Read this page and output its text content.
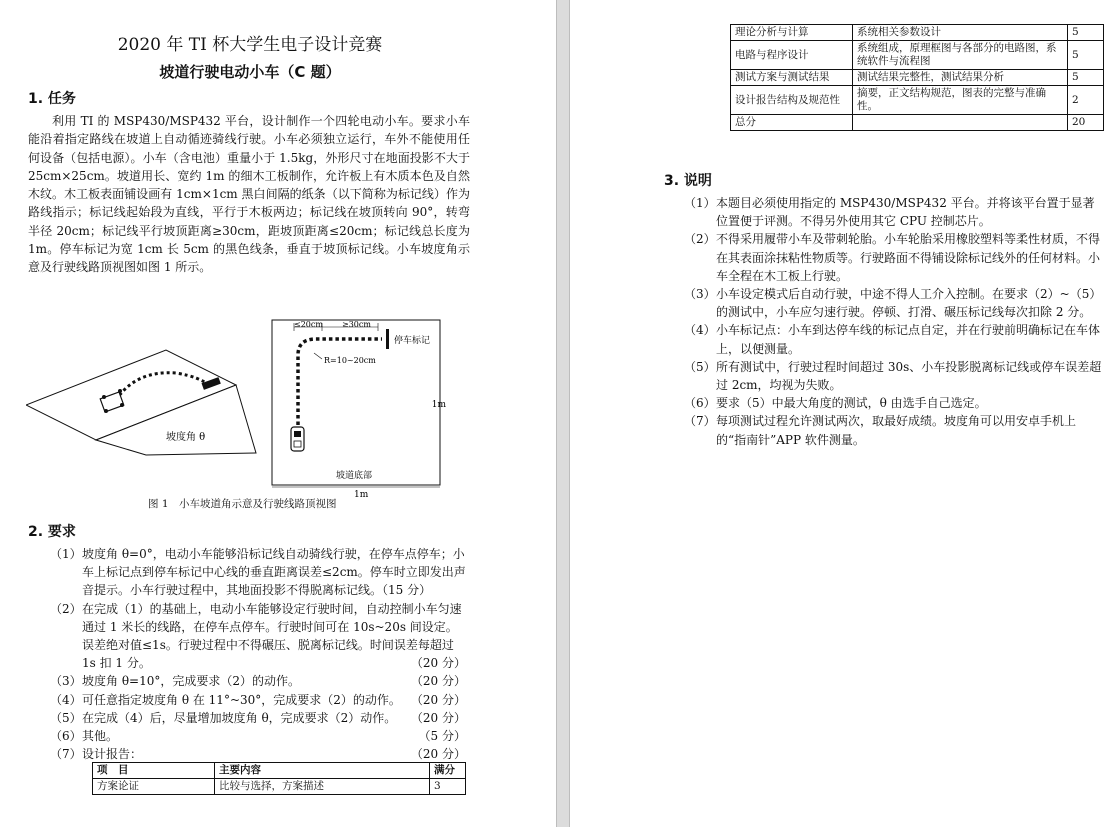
2020 年 TI 杯大学生电子设计竞赛
坡道行驶电动小车（C 题）
1. 任务
利用 TI 的 MSP430/MSP432 平台，设计制作一个四轮电动小车。要求小车能沿着指定路线在坡道上自动循迹骑线行驶。小车必须独立运行，车外不能使用任何设备（包括电源）。小车（含电池）重量小于 1.5kg，外形尺寸在地面投影不大于 25cm×25cm。坡道用长、宽约 1m 的细木工板制作，允许板上有木质本色及自然木纹。木工板表面铺设画有 1cm×1cm 黑白间隔的纸条（以下简称为标记线）作为路线指示；标记线起始段为直线，平行于木板两边；标记线在坡顶转向 90°，转弯半径 20cm；标记线平行坡顶距离≥30cm，距坡顶距离≤20cm；标记线总长度为 1m。停车标记为宽 1cm 长 5cm 的黑色线条，垂直于坡顶标记线。小车坡度角示意及行驶线路顶视图如图 1 所示。
坡度角 θ
≤20cm ≥30cm
停车标记
R=10~20cm
1m
坡道底部
1m
图 1　小车坡道角示意及行驶线路顶视图
2. 要求
（1） 坡度角 θ=0°，电动小车能够沿标记线自动骑线行驶，在停车点停车；小车上标记点到停车标记中心线的垂直距离误差≤2cm。停车时立即发出声音提示。小车行驶过程中，其地面投影不得脱离标记线。（15 分）
（2） 在完成（1）的基础上，电动小车能够设定行驶时间，自动控制小车匀速通过 1 米长的线路，在停车点停车。行驶时间可在 10s~20s 间设定。误差绝对值≤1s。行驶过程中不得碾压、脱离标记线。时间误差每超过 1s 扣 1 分。	（20 分）
（3） 坡度角 θ=10°，完成要求（2）的动作。	（20 分）
（4） 可任意指定坡度角 θ 在 11°~30°，完成要求（2）的动作。 （20 分）
（5） 在完成（4）后，尽量增加坡度角 θ，完成要求（2）动作。 （20 分）
（6） 其他。	（5 分）
（7） 设计报告：	（20 分）
项　目	主要内容	满分
方案论证	比较与选择，方案描述	3
理论分析与计算	系统相关参数设计	5
电路与程序设计	系统组成，原理框图与各部分的电路图，系统软件与流程图	5
测试方案与测试结果	测试结果完整性，测试结果分析	5
设计报告结构及规范性	摘要，正文结构规范，图表的完整与准确性。	2
总分		20
3. 说明
（1） 本题目必须使用指定的 MSP430/MSP432 平台。并将该平台置于显著位置便于评测。不得另外使用其它 CPU 控制芯片。
（2） 不得采用履带小车及带刺轮胎。小车轮胎采用橡胶塑料等柔性材质，不得在其表面涂抹粘性物质等。行驶路面不得铺设除标记线外的任何材料。小车全程在木工板上行驶。
（3） 小车设定模式后自动行驶，中途不得人工介入控制。在要求（2）~（5）的测试中，小车应匀速行驶。停顿、打滑、碾压标记线每次扣除 2 分。
（4） 小车标记点：小车到达停车线的标记点自定，并在行驶前明确标记在车体上，以便测量。
（5） 所有测试中，行驶过程时间超过 30s、小车投影脱离标记线或停车误差超过 2cm，均视为失败。
（6） 要求（5）中最大角度的测试，θ 由选手自己选定。
（7） 每项测试过程允许测试两次，取最好成绩。坡度角可以用安卓手机上的“指南针”APP 软件测量。
